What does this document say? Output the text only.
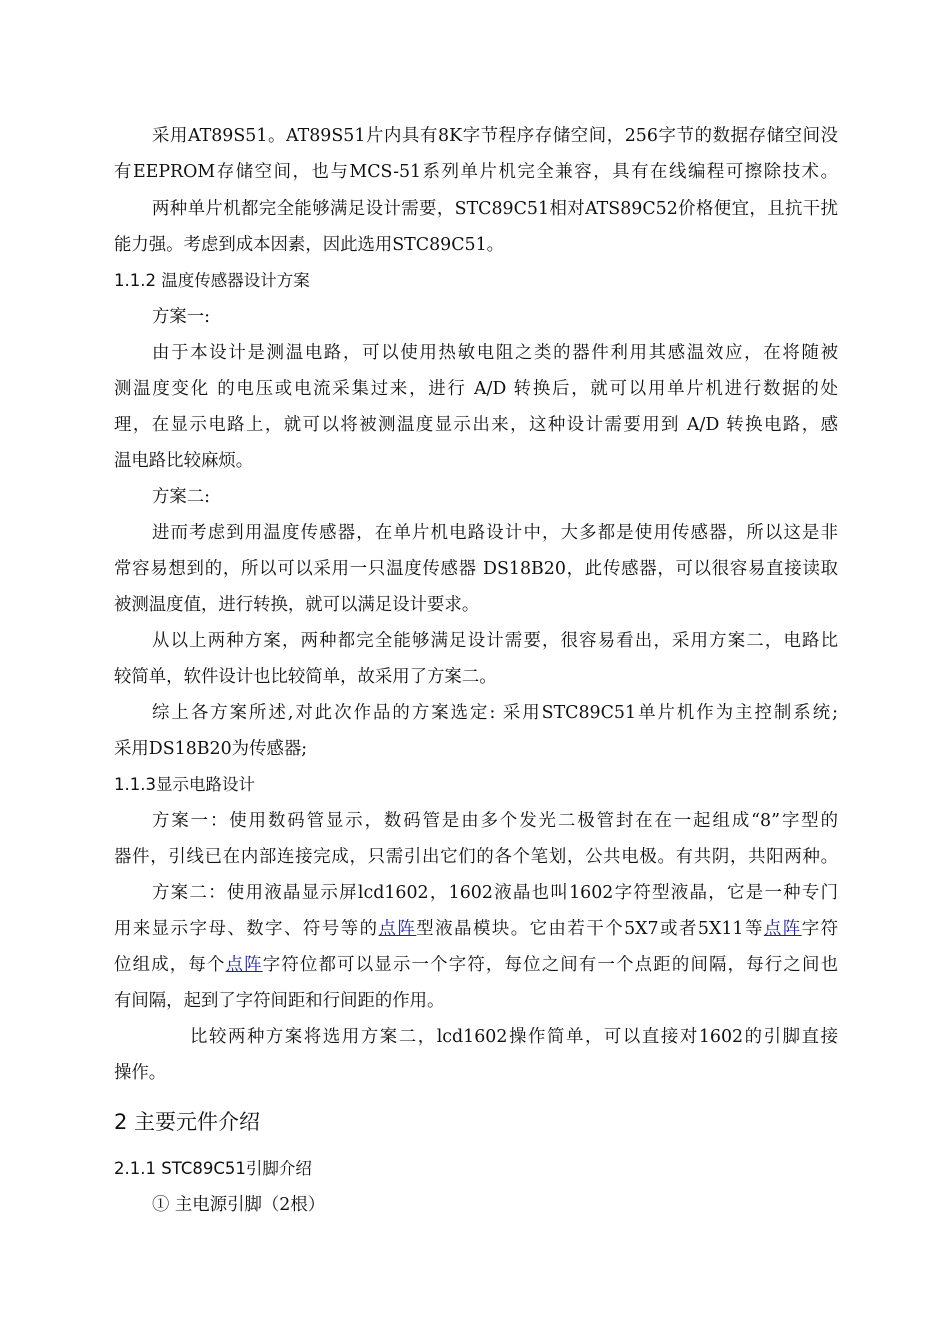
采用AT89S51。AT89S51片内具有8K字节程序存储空间，256字节的数据存储空间没
有EEPROM存储空间，也与MCS-51系列单片机完全兼容，具有在线编程可擦除技术。
两种单片机都完全能够满足设计需要，STC89C51相对ATS89C52价格便宜，且抗干扰
能力强。考虑到成本因素，因此选用STC89C51。
1.1.2 温度传感器设计方案
方案一:
由于本设计是测温电路，可以使用热敏电阻之类的器件利用其感温效应，在将随被
测温度变化 的电压或电流采集过来，进行 A/D 转换后，就可以用单片机进行数据的处
理，在显示电路上，就可以将被测温度显示出来，这种设计需要用到 A/D 转换电路，感
温电路比较麻烦。
方案二:
进而考虑到用温度传感器，在单片机电路设计中，大多都是使用传感器，所以这是非
常容易想到的，所以可以采用一只温度传感器 DS18B20，此传感器，可以很容易直接读取
被测温度值，进行转换，就可以满足设计要求。
从以上两种方案，两种都完全能够满足设计需要，很容易看出，采用方案二，电路比
较简单，软件设计也比较简单，故采用了方案二。
综上各方案所述,对此次作品的方案选定: 采用STC89C51单片机作为主控制系统;
采用DS18B20为传感器;
1.1.3显示电路设计
方案一：使用数码管显示，数码管是由多个发光二极管封在在一起组成“8”字型的
器件，引线已在内部连接完成，只需引出它们的各个笔划，公共电极。有共阴，共阳两种。
方案二：使用液晶显示屏lcd1602，1602液晶也叫1602字符型液晶，它是一种专门
用来显示字母、数字、符号等的点阵型液晶模块。它由若干个5X7或者5X11等点阵字符
位组成，每个点阵字符位都可以显示一个字符，每位之间有一个点距的间隔，每行之间也
有间隔，起到了字符间距和行间距的作用。
比较两种方案将选用方案二，lcd1602操作简单，可以直接对1602的引脚直接
操作。
2 主要元件介绍
2.1.1 STC89C51引脚介绍
① 主电源引脚（2根）
